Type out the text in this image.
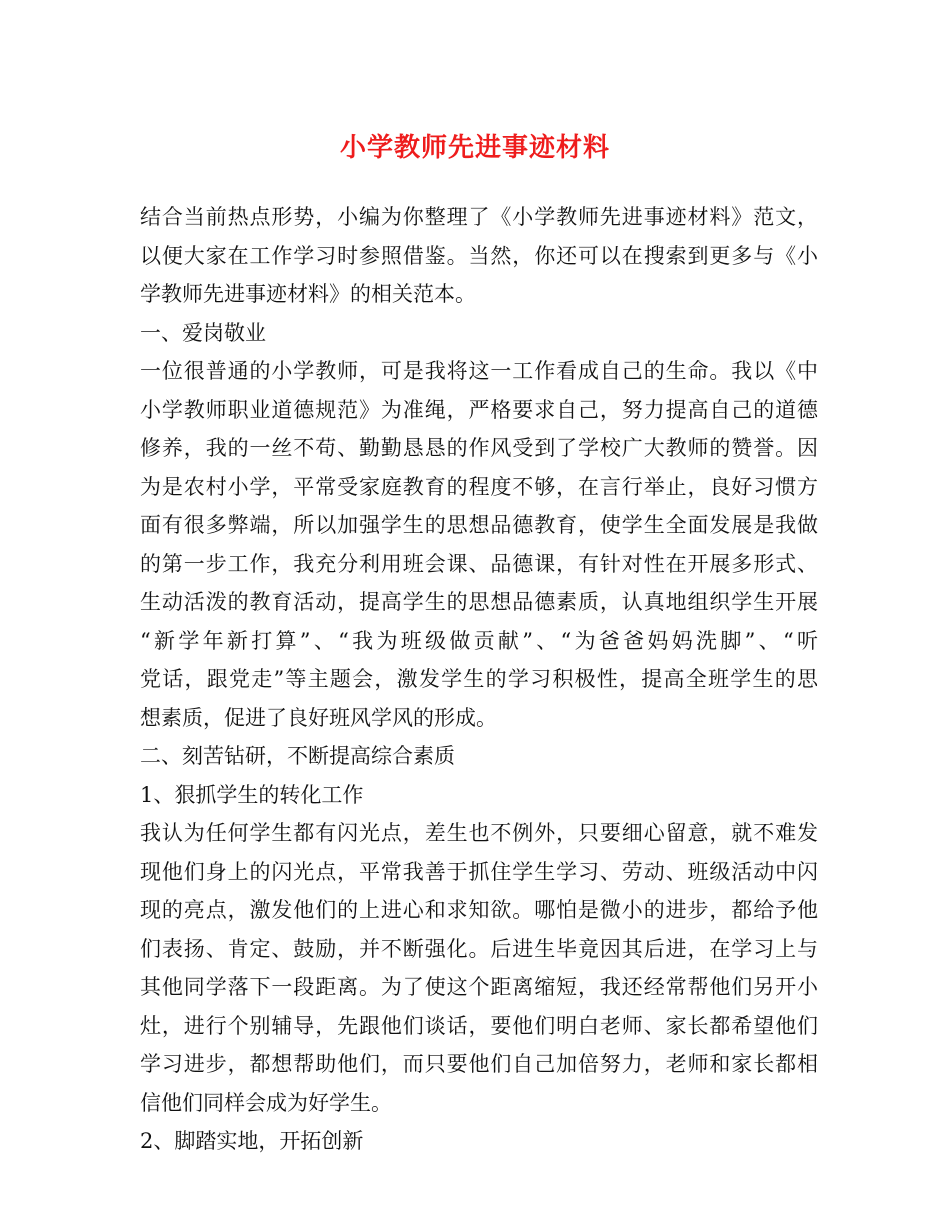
小学教师先进事迹材料
结合当前热点形势，小编为你整理了《小学教师先进事迹材料》范文，
以便大家在工作学习时参照借鉴。当然，你还可以在搜索到更多与《小
学教师先进事迹材料》的相关范本。
一、爱岗敬业
一位很普通的小学教师，可是我将这一工作看成自己的生命。我以《中
小学教师职业道德规范》为准绳，严格要求自己，努力提高自己的道德
修养，我的一丝不苟、勤勤恳恳的作风受到了学校广大教师的赞誉。因
为是农村小学，平常受家庭教育的程度不够，在言行举止，良好习惯方
面有很多弊端，所以加强学生的思想品德教育，使学生全面发展是我做
的第一步工作，我充分利用班会课、品德课，有针对性在开展多形式、
生动活泼的教育活动，提高学生的思想品德素质，认真地组织学生开展
“新学年新打算”、“我为班级做贡献”、“为爸爸妈妈洗脚”、“听
党话，跟党走”等主题会，激发学生的学习积极性，提高全班学生的思
想素质，促进了良好班风学风的形成。
二、刻苦钻研，不断提高综合素质
1、狠抓学生的转化工作
我认为任何学生都有闪光点，差生也不例外，只要细心留意，就不难发
现他们身上的闪光点，平常我善于抓住学生学习、劳动、班级活动中闪
现的亮点，激发他们的上进心和求知欲。哪怕是微小的进步，都给予他
们表扬、肯定、鼓励，并不断强化。后进生毕竟因其后进，在学习上与
其他同学落下一段距离。为了使这个距离缩短，我还经常帮他们另开小
灶，进行个别辅导，先跟他们谈话，要他们明白老师、家长都希望他们
学习进步，都想帮助他们，而只要他们自己加倍努力，老师和家长都相
信他们同样会成为好学生。
2、脚踏实地，开拓创新
